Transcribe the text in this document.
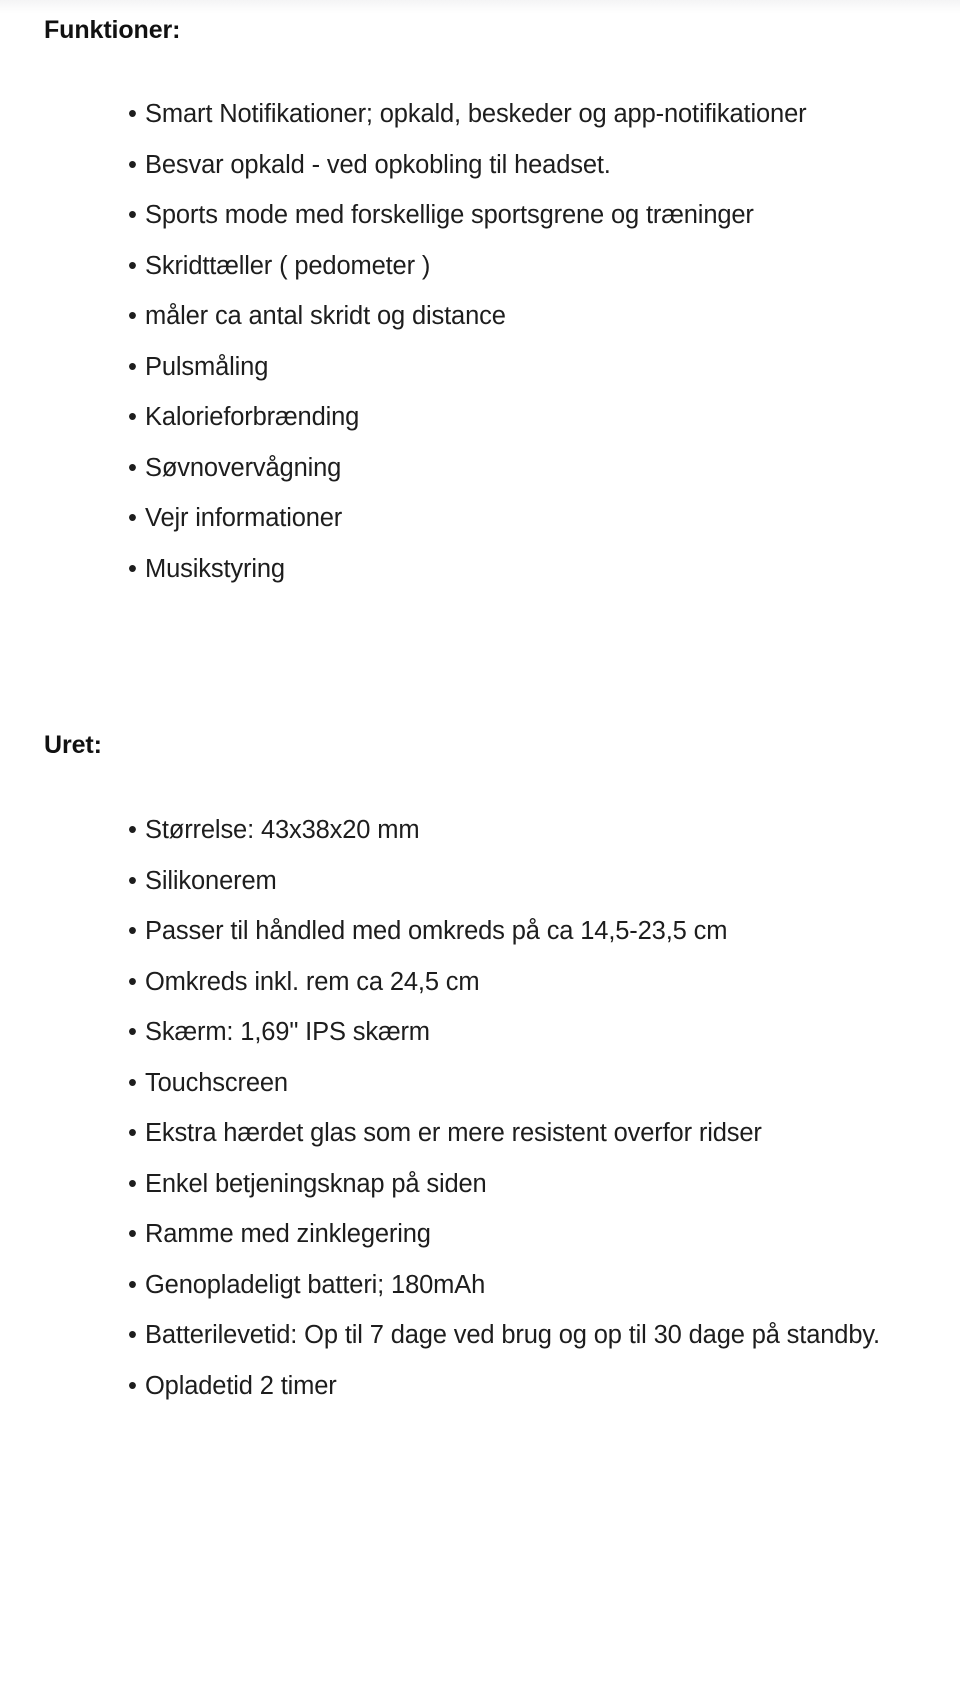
Funktioner:
• Smart Notifikationer; opkald, beskeder og app-notifikationer
• Besvar opkald - ved opkobling til headset.
• Sports mode med forskellige sportsgrene og træninger
• Skridttæller ( pedometer )
• måler ca antal skridt og distance
• Pulsmåling
• Kalorieforbrænding
• Søvnovervågning
• Vejr informationer
• Musikstyring
Uret:
• Størrelse: 43x38x20 mm
• Silikonerem
• Passer til håndled med omkreds på ca 14,5-23,5 cm
• Omkreds inkl. rem ca 24,5 cm
• Skærm: 1,69" IPS skærm
• Touchscreen
• Ekstra hærdet glas som er mere resistent overfor ridser
• Enkel betjeningsknap på siden
• Ramme med zinklegering
• Genopladeligt batteri; 180mAh
• Batterilevetid: Op til 7 dage ved brug og op til 30 dage på standby.
• Opladetid 2 timer
